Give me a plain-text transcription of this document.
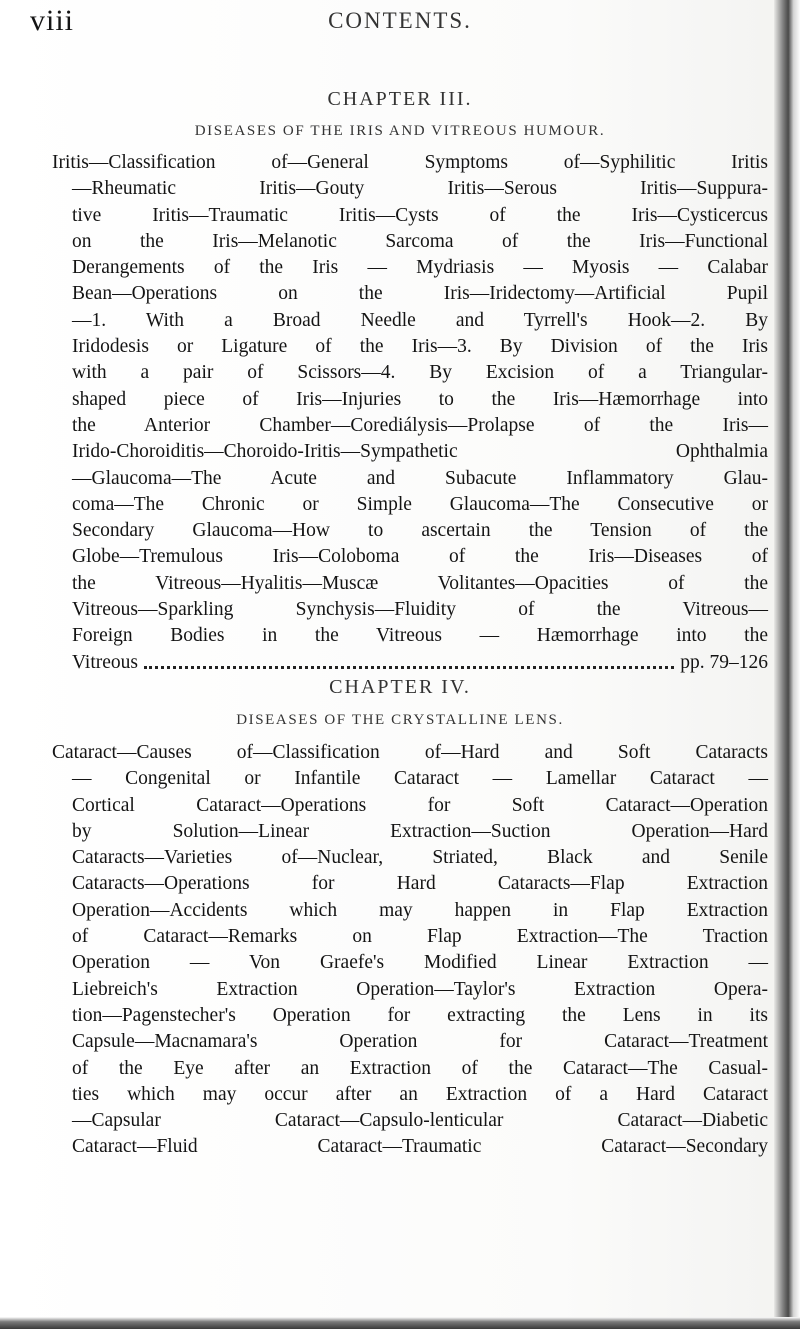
viii	CONTENTS.
CHAPTER III.
DISEASES OF THE IRIS AND VITREOUS HUMOUR.
Iritis—Classification of—General Symptoms of—Syphilitic Iritis
—Rheumatic Iritis—Gouty Iritis—Serous Iritis—Suppura-
tive Iritis—Traumatic Iritis—Cysts of the Iris—Cysticercus
on the Iris—Melanotic Sarcoma of the Iris—Functional
Derangements of the Iris — Mydriasis — Myosis — Calabar
Bean—Operations on the Iris—Iridectomy—Artificial Pupil
—1. With a Broad Needle and Tyrrell's Hook—2. By
Iridodesis or Ligature of the Iris—3. By Division of the Iris
with a pair of Scissors—4. By Excision of a Triangular-
shaped piece of Iris—Injuries to the Iris—Hæmorrhage into
the Anterior Chamber—Corediálysis—Prolapse of the Iris—
Irido-Choroiditis—Choroido-Iritis—Sympathetic Ophthalmia
—Glaucoma—The Acute and Subacute Inflammatory Glau-
coma—The Chronic or Simple Glaucoma—The Consecutive or
Secondary Glaucoma—How to ascertain the Tension of the
Globe—Tremulous Iris—Coloboma of the Iris—Diseases of
the Vitreous—Hyalitis—Muscæ Volitantes—Opacities of the
Vitreous—Sparkling Synchysis—Fluidity of the Vitreous—
Foreign Bodies in the Vitreous — Hæmorrhage into the
Vitreous	pp. 79–126
CHAPTER IV.
DISEASES OF THE CRYSTALLINE LENS.
Cataract—Causes of—Classification of—Hard and Soft Cataracts
— Congenital or Infantile Cataract — Lamellar Cataract —
Cortical Cataract—Operations for Soft Cataract—Operation
by Solution—Linear Extraction—Suction Operation—Hard
Cataracts—Varieties of—Nuclear, Striated, Black and Senile
Cataracts—Operations for Hard Cataracts—Flap Extraction
Operation—Accidents which may happen in Flap Extraction
of Cataract—Remarks on Flap Extraction—The Traction
Operation — Von Graefe's Modified Linear Extraction —
Liebreich's Extraction Operation—Taylor's Extraction Opera-
tion—Pagenstecher's Operation for extracting the Lens in its
Capsule—Macnamara's Operation for Cataract—Treatment
of the Eye after an Extraction of the Cataract—The Casual-
ties which may occur after an Extraction of a Hard Cataract
—Capsular Cataract—Capsulo-lenticular Cataract—Diabetic
Cataract—Fluid Cataract—Traumatic Cataract—Secondary
